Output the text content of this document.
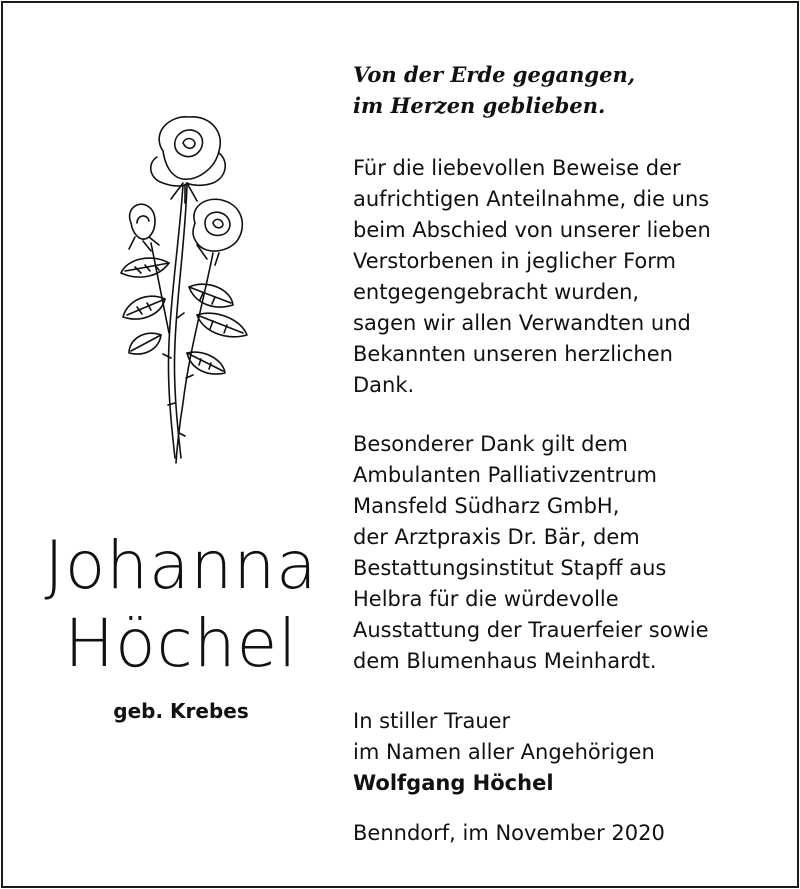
Johanna
Höchel
geb. Krebes
Von der Erde gegangen,
im Herzen geblieben.
Für die liebevollen Beweise der
aufrichtigen Anteilnahme, die uns
beim Abschied von unserer lieben
Verstorbenen in jeglicher Form
entgegengebracht wurden,
sagen wir allen Verwandten und
Bekannten unseren herzlichen
Dank.
Besonderer Dank gilt dem
Ambulanten Palliativzentrum
Mansfeld Südharz GmbH,
der Arztpraxis Dr. Bär, dem
Bestattungsinstitut Stapff aus
Helbra für die würdevolle
Ausstattung der Trauerfeier sowie
dem Blumenhaus Meinhardt.
In stiller Trauer
im Namen aller Angehörigen
Wolfgang Höchel
Benndorf, im November 2020
